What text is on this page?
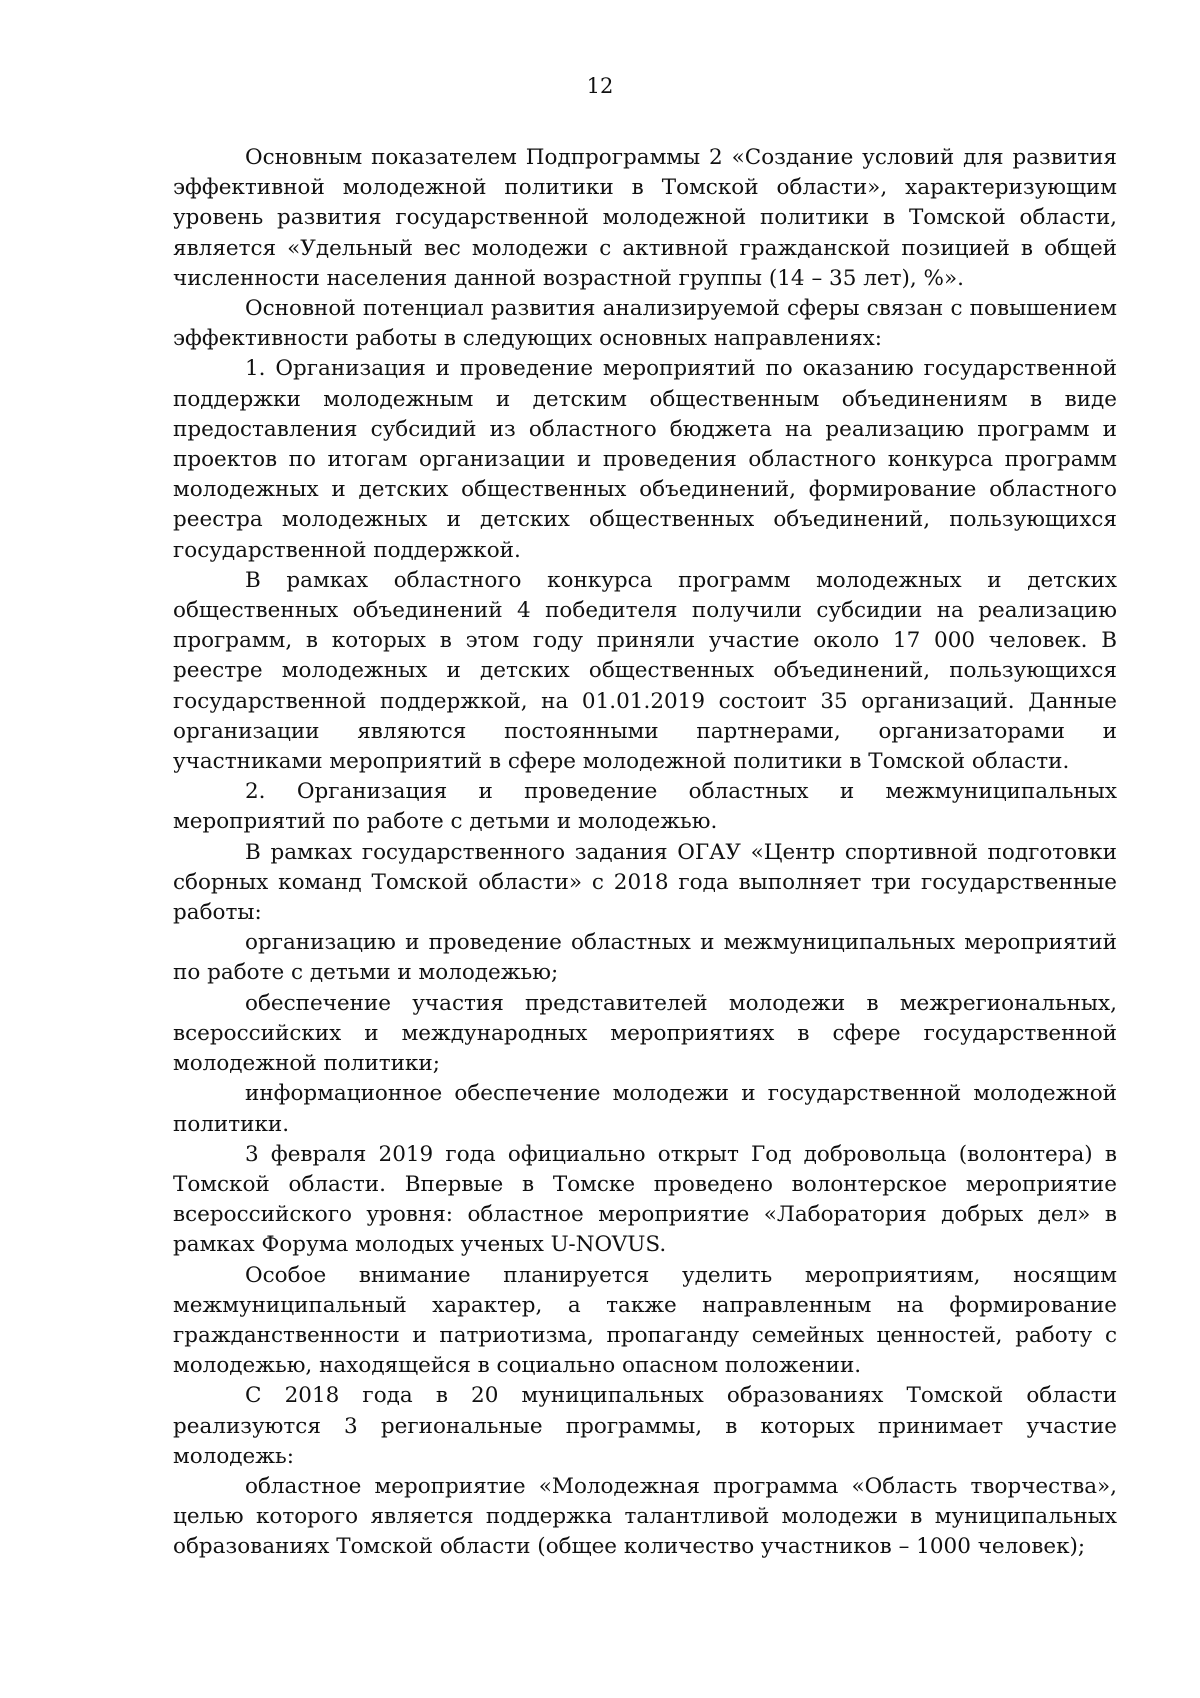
12

Основным показателем Подпрограммы 2 «Создание условий для развития эффективной молодежной политики в Томской области», характеризующим уровень развития государственной молодежной политики в Томской области, является «Удельный вес молодежи с активной гражданской позицией в общей численности населения данной возрастной группы (14 – 35 лет), %».

Основной потенциал развития анализируемой сферы связан с повышением эффективности работы в следующих основных направлениях:

1. Организация и проведение мероприятий по оказанию государственной поддержки молодежным и детским общественным объединениям в виде предоставления субсидий из областного бюджета на реализацию программ и проектов по итогам организации и проведения областного конкурса программ молодежных и детских общественных объединений, формирование областного реестра молодежных и детских общественных объединений, пользующихся государственной поддержкой.

В рамках областного конкурса программ молодежных и детских общественных объединений 4 победителя получили субсидии на реализацию программ, в которых в этом году приняли участие около 17 000 человек. В реестре молодежных и детских общественных объединений, пользующихся государственной поддержкой, на 01.01.2019 состоит 35 организаций. Данные организации являются постоянными партнерами, организаторами и участниками мероприятий в сфере молодежной политики в Томской области.

2. Организация и проведение областных и межмуниципальных мероприятий по работе с детьми и молодежью.

В рамках государственного задания ОГАУ «Центр спортивной подготовки сборных команд Томской области» с 2018 года выполняет три государственные работы:

организацию и проведение областных и межмуниципальных мероприятий по работе с детьми и молодежью;

обеспечение участия представителей молодежи в межрегиональных, всероссийских и международных мероприятиях в сфере государственной молодежной политики;

информационное обеспечение молодежи и государственной молодежной политики.

3 февраля 2019 года официально открыт Год добровольца (волонтера) в Томской области. Впервые в Томске проведено волонтерское мероприятие всероссийского уровня: областное мероприятие «Лаборатория добрых дел» в рамках Форума молодых ученых U-NOVUS.

Особое внимание планируется уделить мероприятиям, носящим межмуниципальный характер, а также направленным на формирование гражданственности и патриотизма, пропаганду семейных ценностей, работу с молодежью, находящейся в социально опасном положении.

С 2018 года в 20 муниципальных образованиях Томской области реализуются 3 региональные программы, в которых принимает участие молодежь:

областное мероприятие «Молодежная программа «Область творчества», целью которого является поддержка талантливой молодежи в муниципальных образованиях Томской области (общее количество участников – 1000 человек);
